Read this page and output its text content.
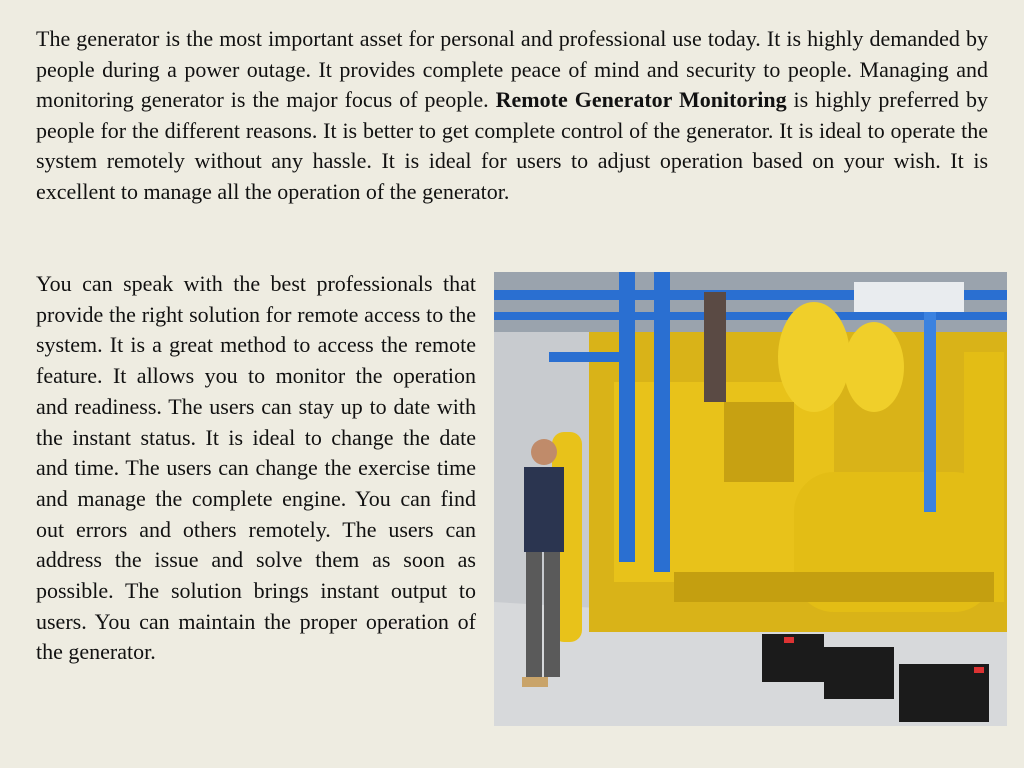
The generator is the most important asset for personal and professional use today. It is highly demanded by people during a power outage. It provides complete peace of mind and security to people. Managing and monitoring generator is the major focus of people. Remote Generator Monitoring is highly preferred by people for the different reasons. It is better to get complete control of the generator. It is ideal to operate the system remotely without any hassle. It is ideal for users to adjust operation based on your wish. It is excellent to manage all the operation of the generator.

You can speak with the best professionals that provide the right solution for remote access to the system. It is a great method to access the remote feature. It allows you to monitor the operation and readiness. The users can stay up to date with the instant status. It is ideal to change the date and time. The users can change the exercise time and manage the complete engine. You can find out errors and others remotely. The users can address the issue and solve them as soon as possible. The solution brings instant output to users. You can maintain the proper operation of the generator.
